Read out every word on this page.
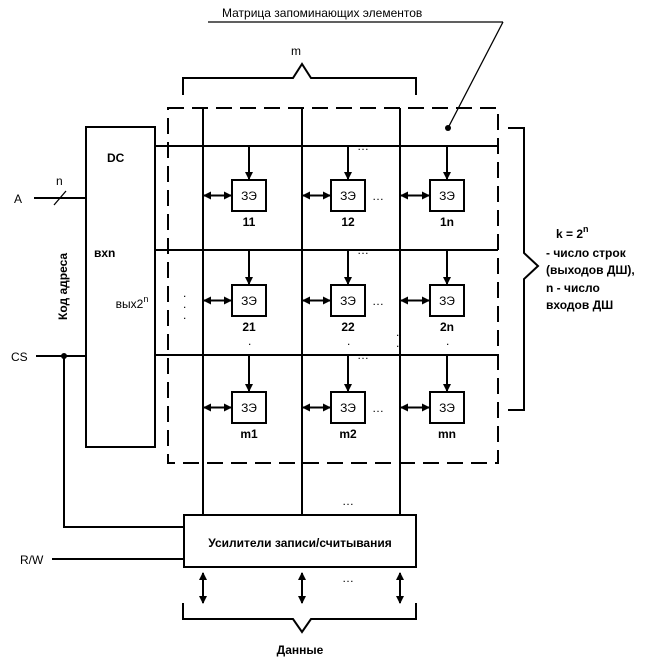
Матрица запоминающих элементов
m
DC
вхn
вых2$^n$	.
.
.
Код адреса
A
n
CS
R/W
…
…
…
ЗЭ
11
ЗЭ
12
…	ЗЭ
1n
ЗЭ
21
ЗЭ
22
…	ЗЭ
2n
ЗЭ
m1
ЗЭ
m2
…	ЗЭ
mn
.
.
.
.
.
.
.
.
$k = 2^n$
- число строк
(выходов ДШ),
n - число
входов ДШ
…
Усилители записи/считывания
…
Данные
